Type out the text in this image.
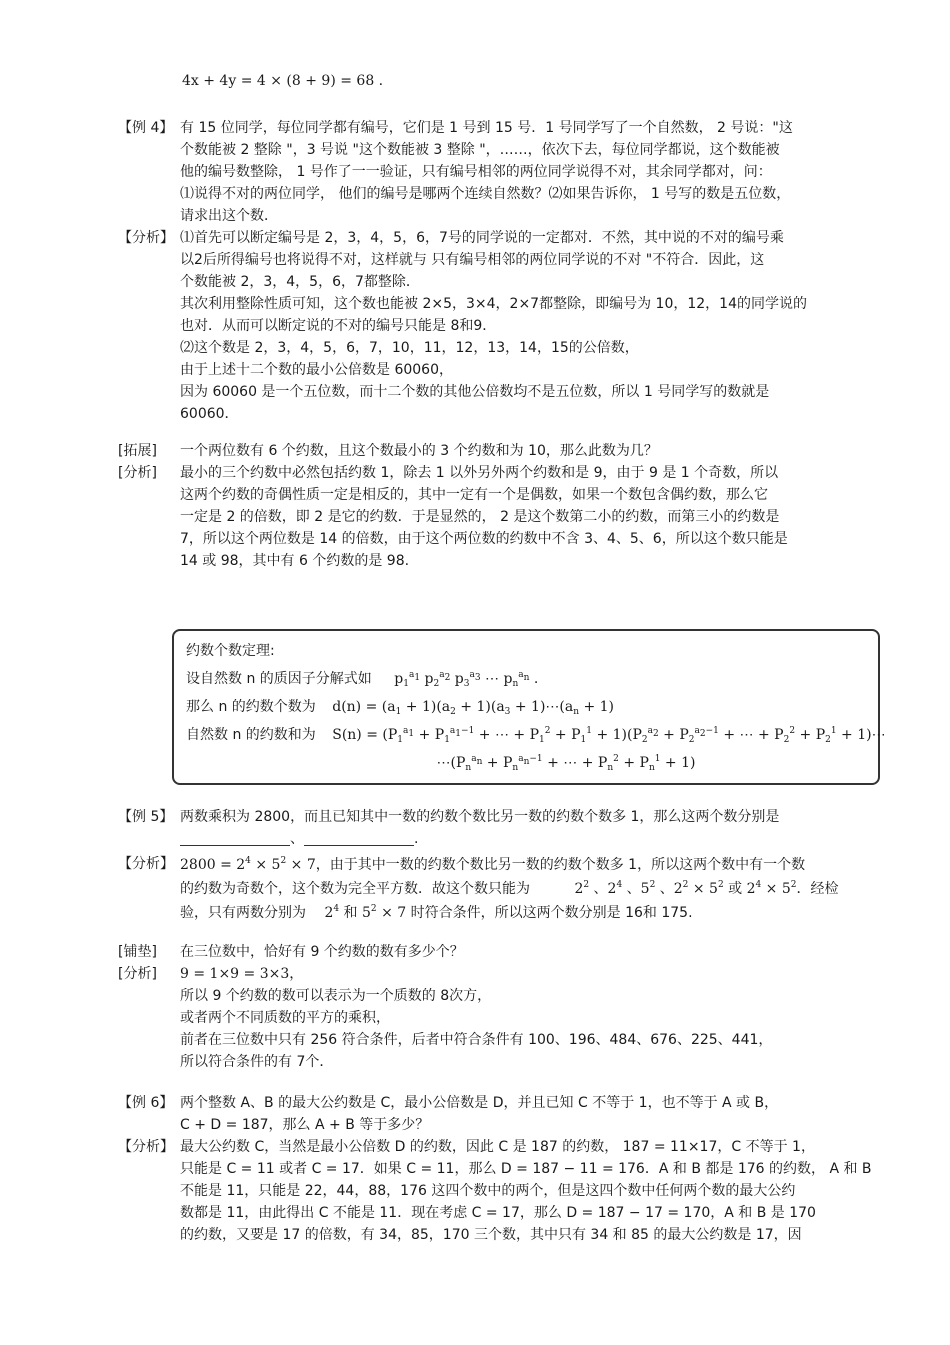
4x + 4y = 4 × (8 + 9) = 68 .
【例 4】 有 15 位同学，每位同学都有编号，它们是 1 号到 15 号．1 号同学写了一个自然数， 2 号说："这
个数能被 2 整除 "，3 号说 "这个数能被 3 整除 "，……，依次下去，每位同学都说，这个数能被
他的编号数整除， 1 号作了一一验证，只有编号相邻的两位同学说得不对，其余同学都对，问：
⑴说得不对的两位同学， 他们的编号是哪两个连续自然数？⑵如果告诉你， 1 号写的数是五位数，
请求出这个数．
【分析】 ⑴首先可以断定编号是 2，3，4，5，6，7号的同学说的一定都对．不然，其中说的不对的编号乘
以2后所得编号也将说得不对，这样就与 只有编号相邻的两位同学说的不对 "不符合．因此，这
个数能被 2，3，4，5，6，7都整除．
其次利用整除性质可知，这个数也能被 2×5，3×4，2×7都整除，即编号为 10，12，14的同学说的
也对．从而可以断定说的不对的编号只能是 8和9．
⑵这个数是 2，3，4，5，6，7，10，11，12，13，14，15的公倍数，
由于上述十二个数的最小公倍数是 60060，
因为 60060 是一个五位数，而十二个数的其他公倍数均不是五位数，所以 1 号同学写的数就是
60060．
[拓展]	一个两位数有 6 个约数，且这个数最小的 3 个约数和为 10，那么此数为几？
[分析]	最小的三个约数中必然包括约数 1，除去 1 以外另外两个约数和是 9，由于 9 是 1 个奇数，所以
这两个约数的奇偶性质一定是相反的，其中一定有一个是偶数，如果一个数包含偶约数，那么它
一定是 2 的倍数，即 2 是它的约数．于是显然的， 2 是这个数第二小的约数，而第三小的约数是
7，所以这个两位数是 14 的倍数，由于这个两位数的约数中不含 3、4、5、6，所以这个数只能是
14 或 98，其中有 6 个约数的是 98.
约数个数定理:
设自然数 n 的质因子分解式如 $p_1^{a_1}$ $p_2^{a_2}$ $p_3^{a_3}$ ⋯ $p_n^{a_n}$ .
那么 n 的约数个数为 $d(n) = (a_1 + 1)(a_2 + 1)(a_3$ + $1)\cdots(a_n + 1)$
自然数 n 的约数和为 $S(n) = (P_1^{a_1} + P_1^{a_1-1}$ + ⋯ + $P_1^2 + P_1^1 + 1)(P_2^{a_2} + P_2^{a_2-1}$ + ⋯ + $P_2^2 + P_2^1$ + 1)⋯
$\cdots(P_n^{a_n} + P_n^{a_n-1}$ + ⋯ + $P_n^2 + P_n^1 + 1$)
【例 5】 两数乘积为 2800，而且已知其中一数的约数个数比另一数的约数个数多 1，那么这两个数分别是
、	.
【分析】 $2800 = 2^4 \times 5^2 \times 7$，由于其中一数的约数个数比另一数的约数个数多 1，所以这两个数中有一个数
的约数为奇数个，这个数为完全平方数．故这个数只能为	$2^2$ 、$2^4$ 、$5^2$ 、$2^2 \times 5^2$ 或 $2^4 \times 5^2$．经检
验，只有两数分别为 $2^4$ 和 $5^2 \times 7$ 时符合条件，所以这两个数分别是 16和 175.
[铺垫]	在三位数中，恰好有 9 个约数的数有多少个？
[分析]	9 = 1×9 = 3×3，
所以 9 个约数的数可以表示为一个质数的 8次方，
或者两个不同质数的平方的乘积，
前者在三位数中只有 256 符合条件，后者中符合条件有 100、196、484、676、225、441，
所以符合条件的有 7个．
【例 6】 两个整数 A、B 的最大公约数是 C，最小公倍数是 D，并且已知 C 不等于 1，也不等于 A 或 B，
C + D = 187，那么 A + B 等于多少？
【分析】 最大公约数 C，当然是最小公倍数 D 的约数，因此 C 是 187 的约数， 187 = 11×17，C 不等于 1，
只能是 C = 11 或者 C = 17．如果 C = 11，那么 D = 187 − 11 = 176．A 和 B 都是 176 的约数， A 和 B
不能是 11，只能是 22，44，88，176 这四个数中的两个，但是这四个数中任何两个数的最大公约
数都是 11，由此得出 C 不能是 11．现在考虑 C = 17，那么 D = 187 − 17 = 170，A 和 B 是 170
的约数，又要是 17 的倍数，有 34，85，170 三个数，其中只有 34 和 85 的最大公约数是 17，因
